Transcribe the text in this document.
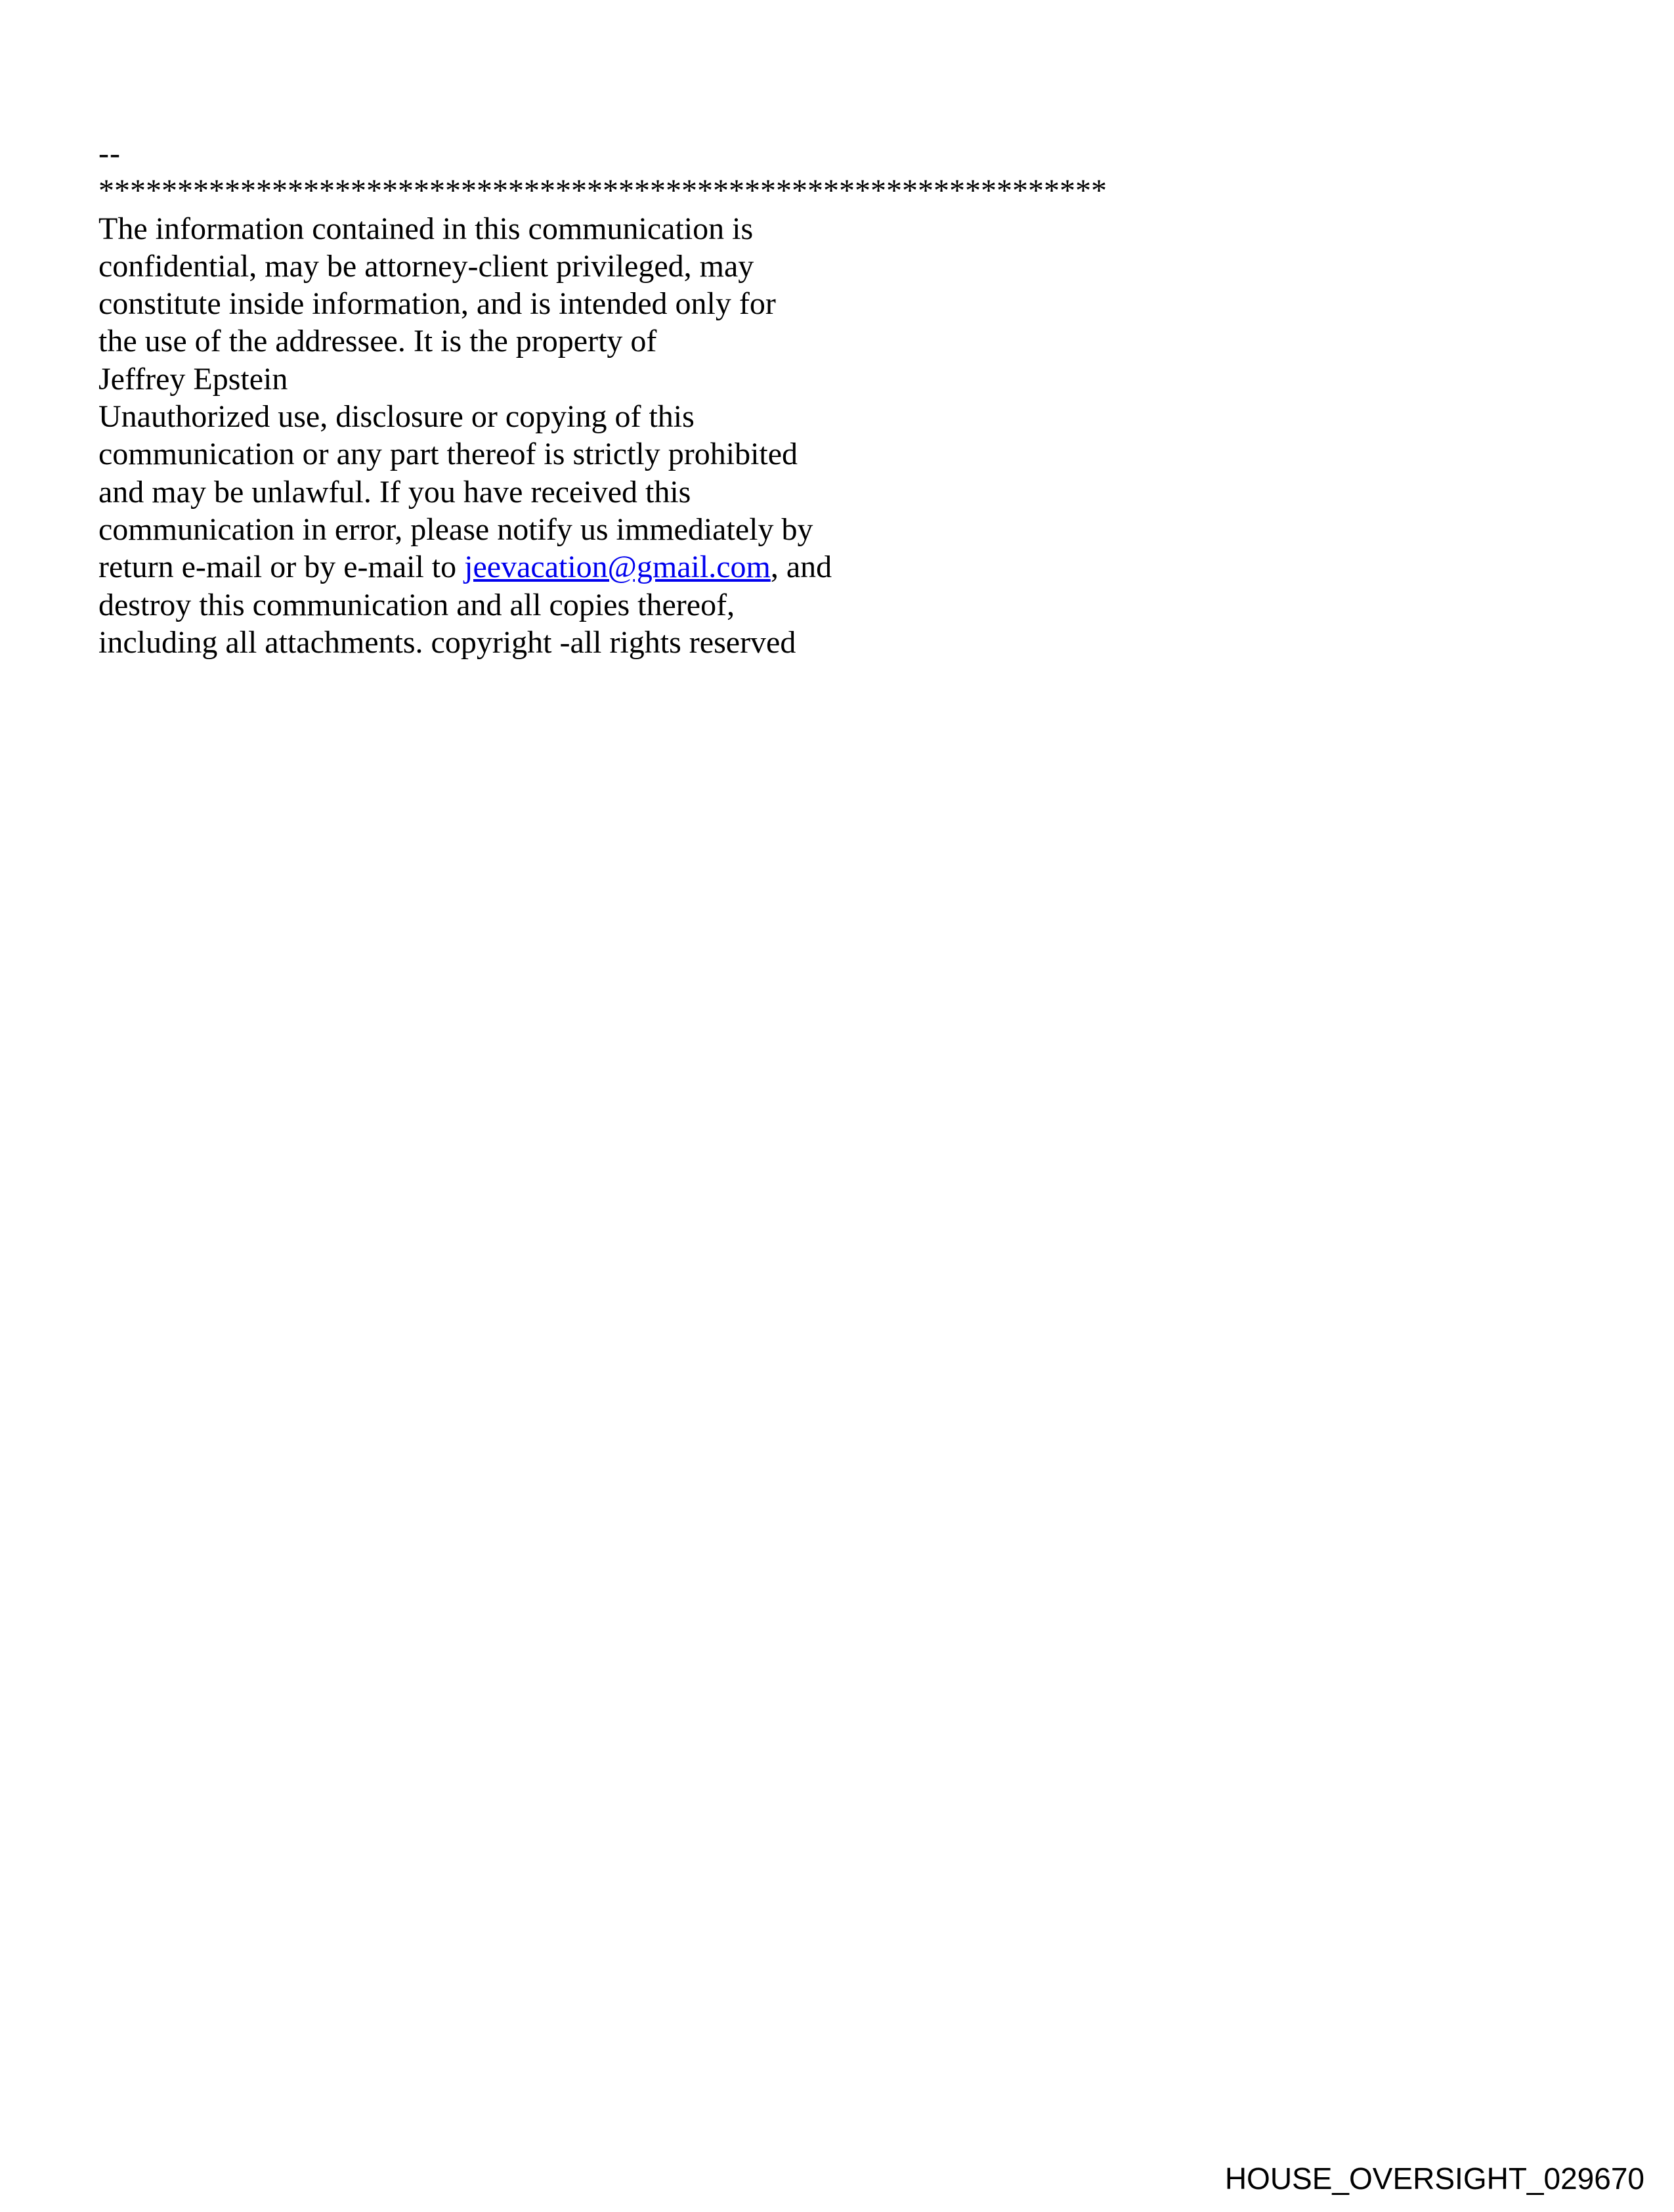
--
****************************************************************
The information contained in this communication is
confidential, may be attorney-client privileged, may
constitute inside information, and is intended only for
the use of the addressee. It is the property of
Jeffrey Epstein
Unauthorized use, disclosure or copying of this
communication or any part thereof is strictly prohibited
and may be unlawful. If you have received this
communication in error, please notify us immediately by
return e-mail or by e-mail to jeevacation@gmail.com, and
destroy this communication and all copies thereof,
including all attachments. copyright -all rights reserved
HOUSE_OVERSIGHT_029670
